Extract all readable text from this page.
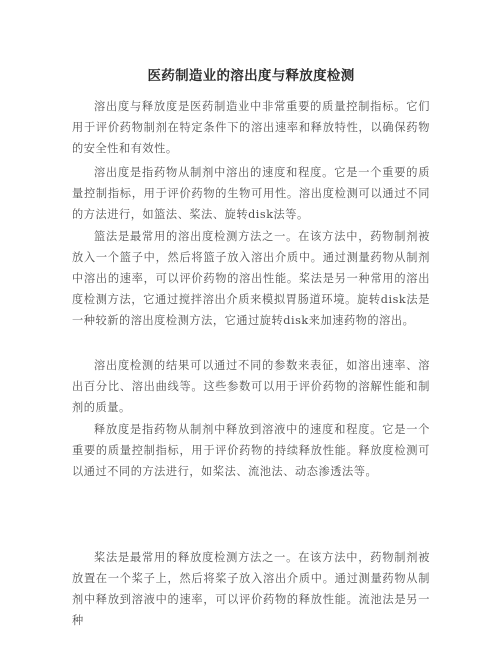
医药制造业的溶出度与释放度检测

溶出度与释放度是医药制造业中非常重要的质量控制指标。它们用于评价药物制剂在特定条件下的溶出速率和释放特性，以确保药物的安全性和有效性。

溶出度是指药物从制剂中溶出的速度和程度。它是一个重要的质量控制指标，用于评价药物的生物可用性。溶出度检测可以通过不同的方法进行，如篮法、桨法、旋转disk法等。

篮法是最常用的溶出度检测方法之一。在该方法中，药物制剂被放入一个篮子中，然后将篮子放入溶出介质中。通过测量药物从制剂中溶出的速率，可以评价药物的溶出性能。桨法是另一种常用的溶出度检测方法，它通过搅拌溶出介质来模拟胃肠道环境。旋转disk法是一种较新的溶出度检测方法，它通过旋转disk来加速药物的溶出。

溶出度检测的结果可以通过不同的参数来表征，如溶出速率、溶出百分比、溶出曲线等。这些参数可以用于评价药物的溶解性能和制剂的质量。

释放度是指药物从制剂中释放到溶液中的速度和程度。它是一个重要的质量控制指标，用于评价药物的持续释放性能。释放度检测可以通过不同的方法进行，如桨法、流池法、动态渗透法等。

桨法是最常用的释放度检测方法之一。在该方法中，药物制剂被放置在一个桨子上，然后将桨子放入溶出介质中。通过测量药物从制剂中释放到溶液中的速率，可以评价药物的释放性能。流池法是另一种
